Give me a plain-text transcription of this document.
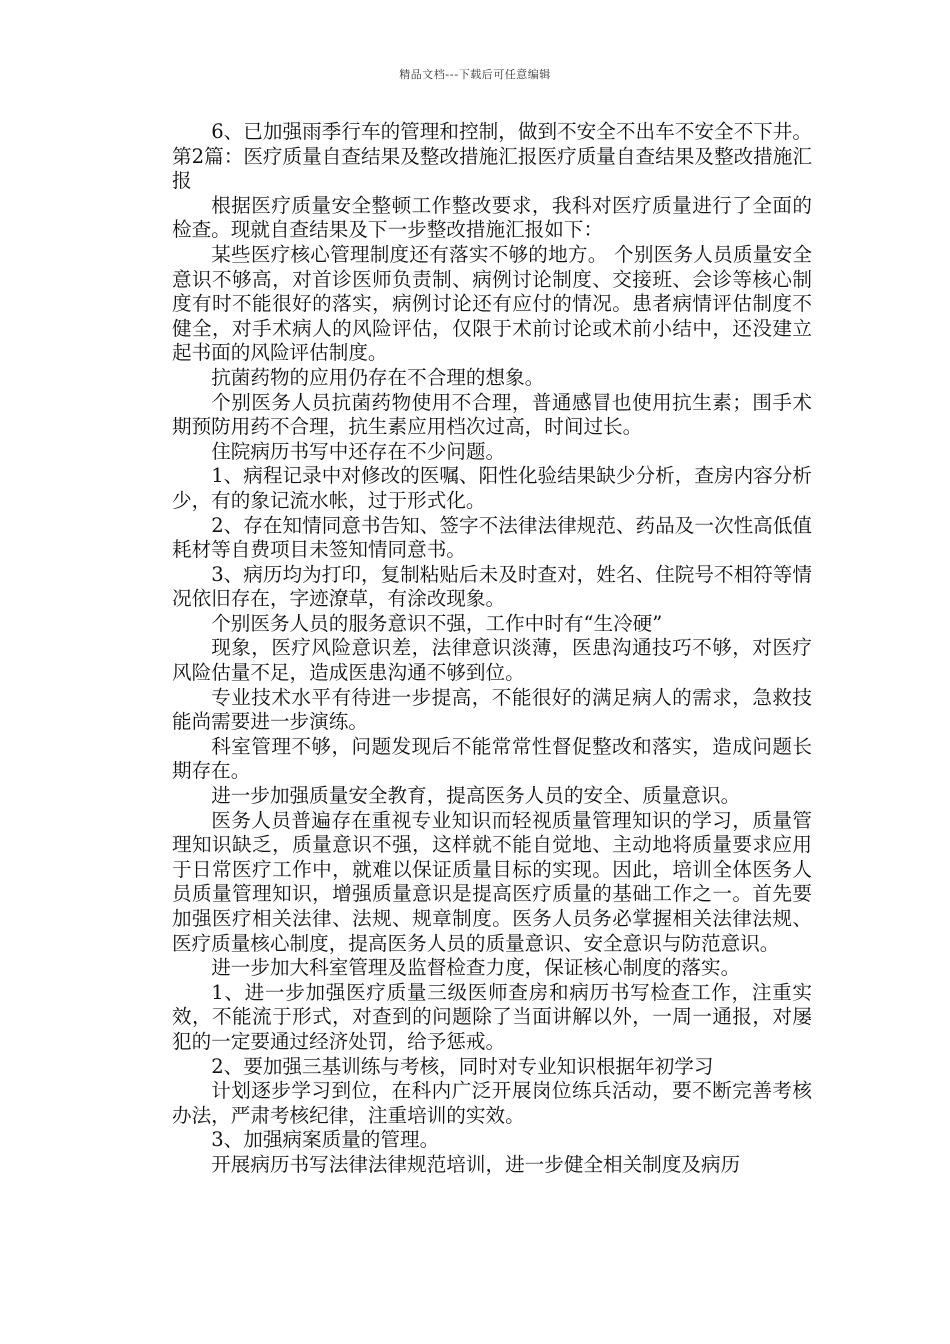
精品文档---下载后可任意编辑

6、已加强雨季行车的管理和控制，做到不安全不出车不安全不下井。第2篇：医疗质量自查结果及整改措施汇报医疗质量自查结果及整改措施汇报

根据医疗质量安全整顿工作整改要求，我科对医疗质量进行了全面的检查。现就自查结果及下一步整改措施汇报如下：

某些医疗核心管理制度还有落实不够的地方。 个别医务人员质量安全意识不够高，对首诊医师负责制、病例讨论制度、交接班、会诊等核心制度有时不能很好的落实，病例讨论还有应付的情况。患者病情评估制度不健全，对手术病人的风险评估，仅限于术前讨论或术前小结中，还没建立起书面的风险评估制度。

抗菌药物的应用仍存在不合理的想象。

个别医务人员抗菌药物使用不合理，普通感冒也使用抗生素；围手术期预防用药不合理，抗生素应用档次过高，时间过长。

住院病历书写中还存在不少问题。

1、病程记录中对修改的医嘱、阳性化验结果缺少分析，查房内容分析少，有的象记流水帐，过于形式化。

2、存在知情同意书告知、签字不法律法律规范、药品及一次性高低值耗材等自费项目未签知情同意书。

3、病历均为打印，复制粘贴后未及时查对，姓名、住院号不相符等情况依旧存在，字迹潦草，有涂改现象。

个别医务人员的服务意识不强，工作中时有“生冷硬”

现象，医疗风险意识差，法律意识淡薄，医患沟通技巧不够，对医疗风险估量不足，造成医患沟通不够到位。

专业技术水平有待进一步提高，不能很好的满足病人的需求，急救技能尚需要进一步演练。

科室管理不够，问题发现后不能常常性督促整改和落实，造成问题长期存在。

进一步加强质量安全教育，提高医务人员的安全、质量意识。

医务人员普遍存在重视专业知识而轻视质量管理知识的学习，质量管理知识缺乏，质量意识不强，这样就不能自觉地、主动地将质量要求应用于日常医疗工作中，就难以保证质量目标的实现。因此，培训全体医务人员质量管理知识，增强质量意识是提高医疗质量的基础工作之一。首先要加强医疗相关法律、法规、规章制度。医务人员务必掌握相关法律法规、医疗质量核心制度，提高医务人员的质量意识、安全意识与防范意识。

进一步加大科室管理及监督检查力度，保证核心制度的落实。

1、进一步加强医疗质量三级医师查房和病历书写检查工作，注重实效，不能流于形式，对查到的问题除了当面讲解以外，一周一通报，对屡犯的一定要通过经济处罚，给予惩戒。

2、要加强三基训练与考核，同时对专业知识根据年初学习

计划逐步学习到位，在科内广泛开展岗位练兵活动，要不断完善考核办法，严肃考核纪律，注重培训的实效。

3、加强病案质量的管理。

开展病历书写法律法律规范培训，进一步健全相关制度及病历
